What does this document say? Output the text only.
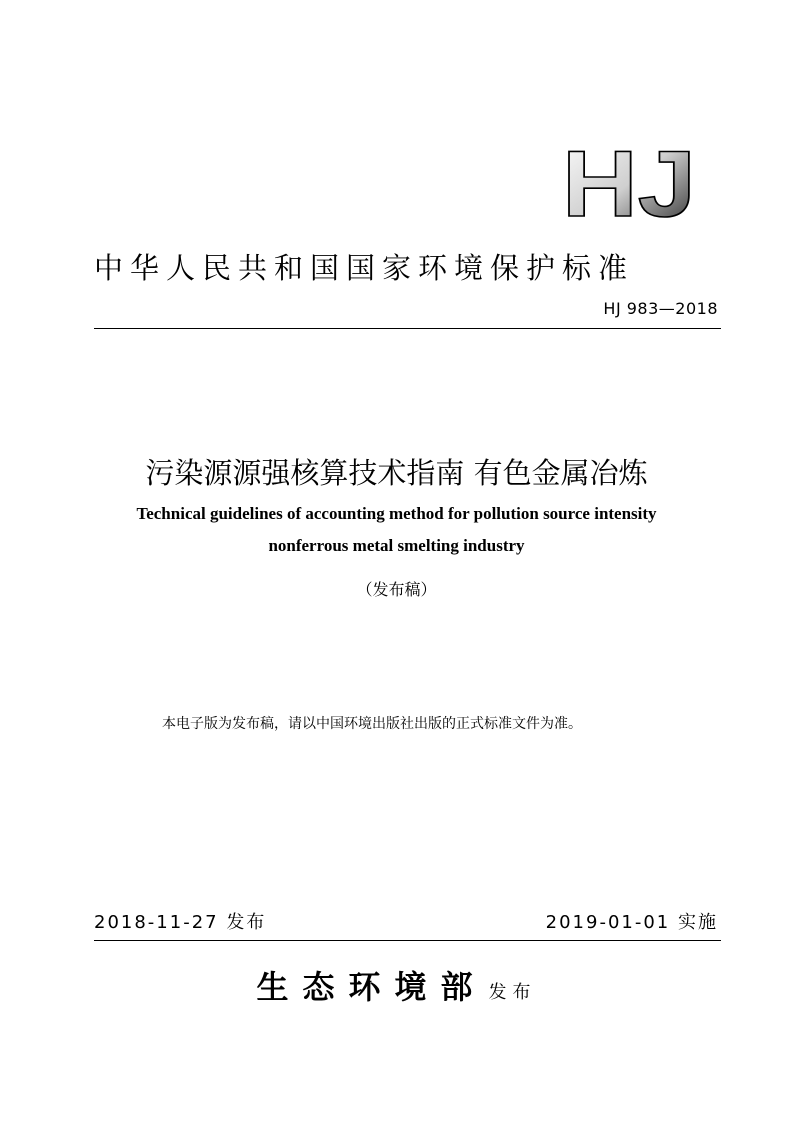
HJ
中华人民共和国国家环境保护标准
HJ 983—2018
污染源源强核算技术指南 有色金属冶炼
Technical guidelines of accounting method for pollution source intensity
nonferrous metal smelting industry
（发布稿）
本电子版为发布稿，请以中国环境出版社出版的正式标准文件为准。
2018-11-27 发布	2019-01-01 实施
生态环境部 发布
